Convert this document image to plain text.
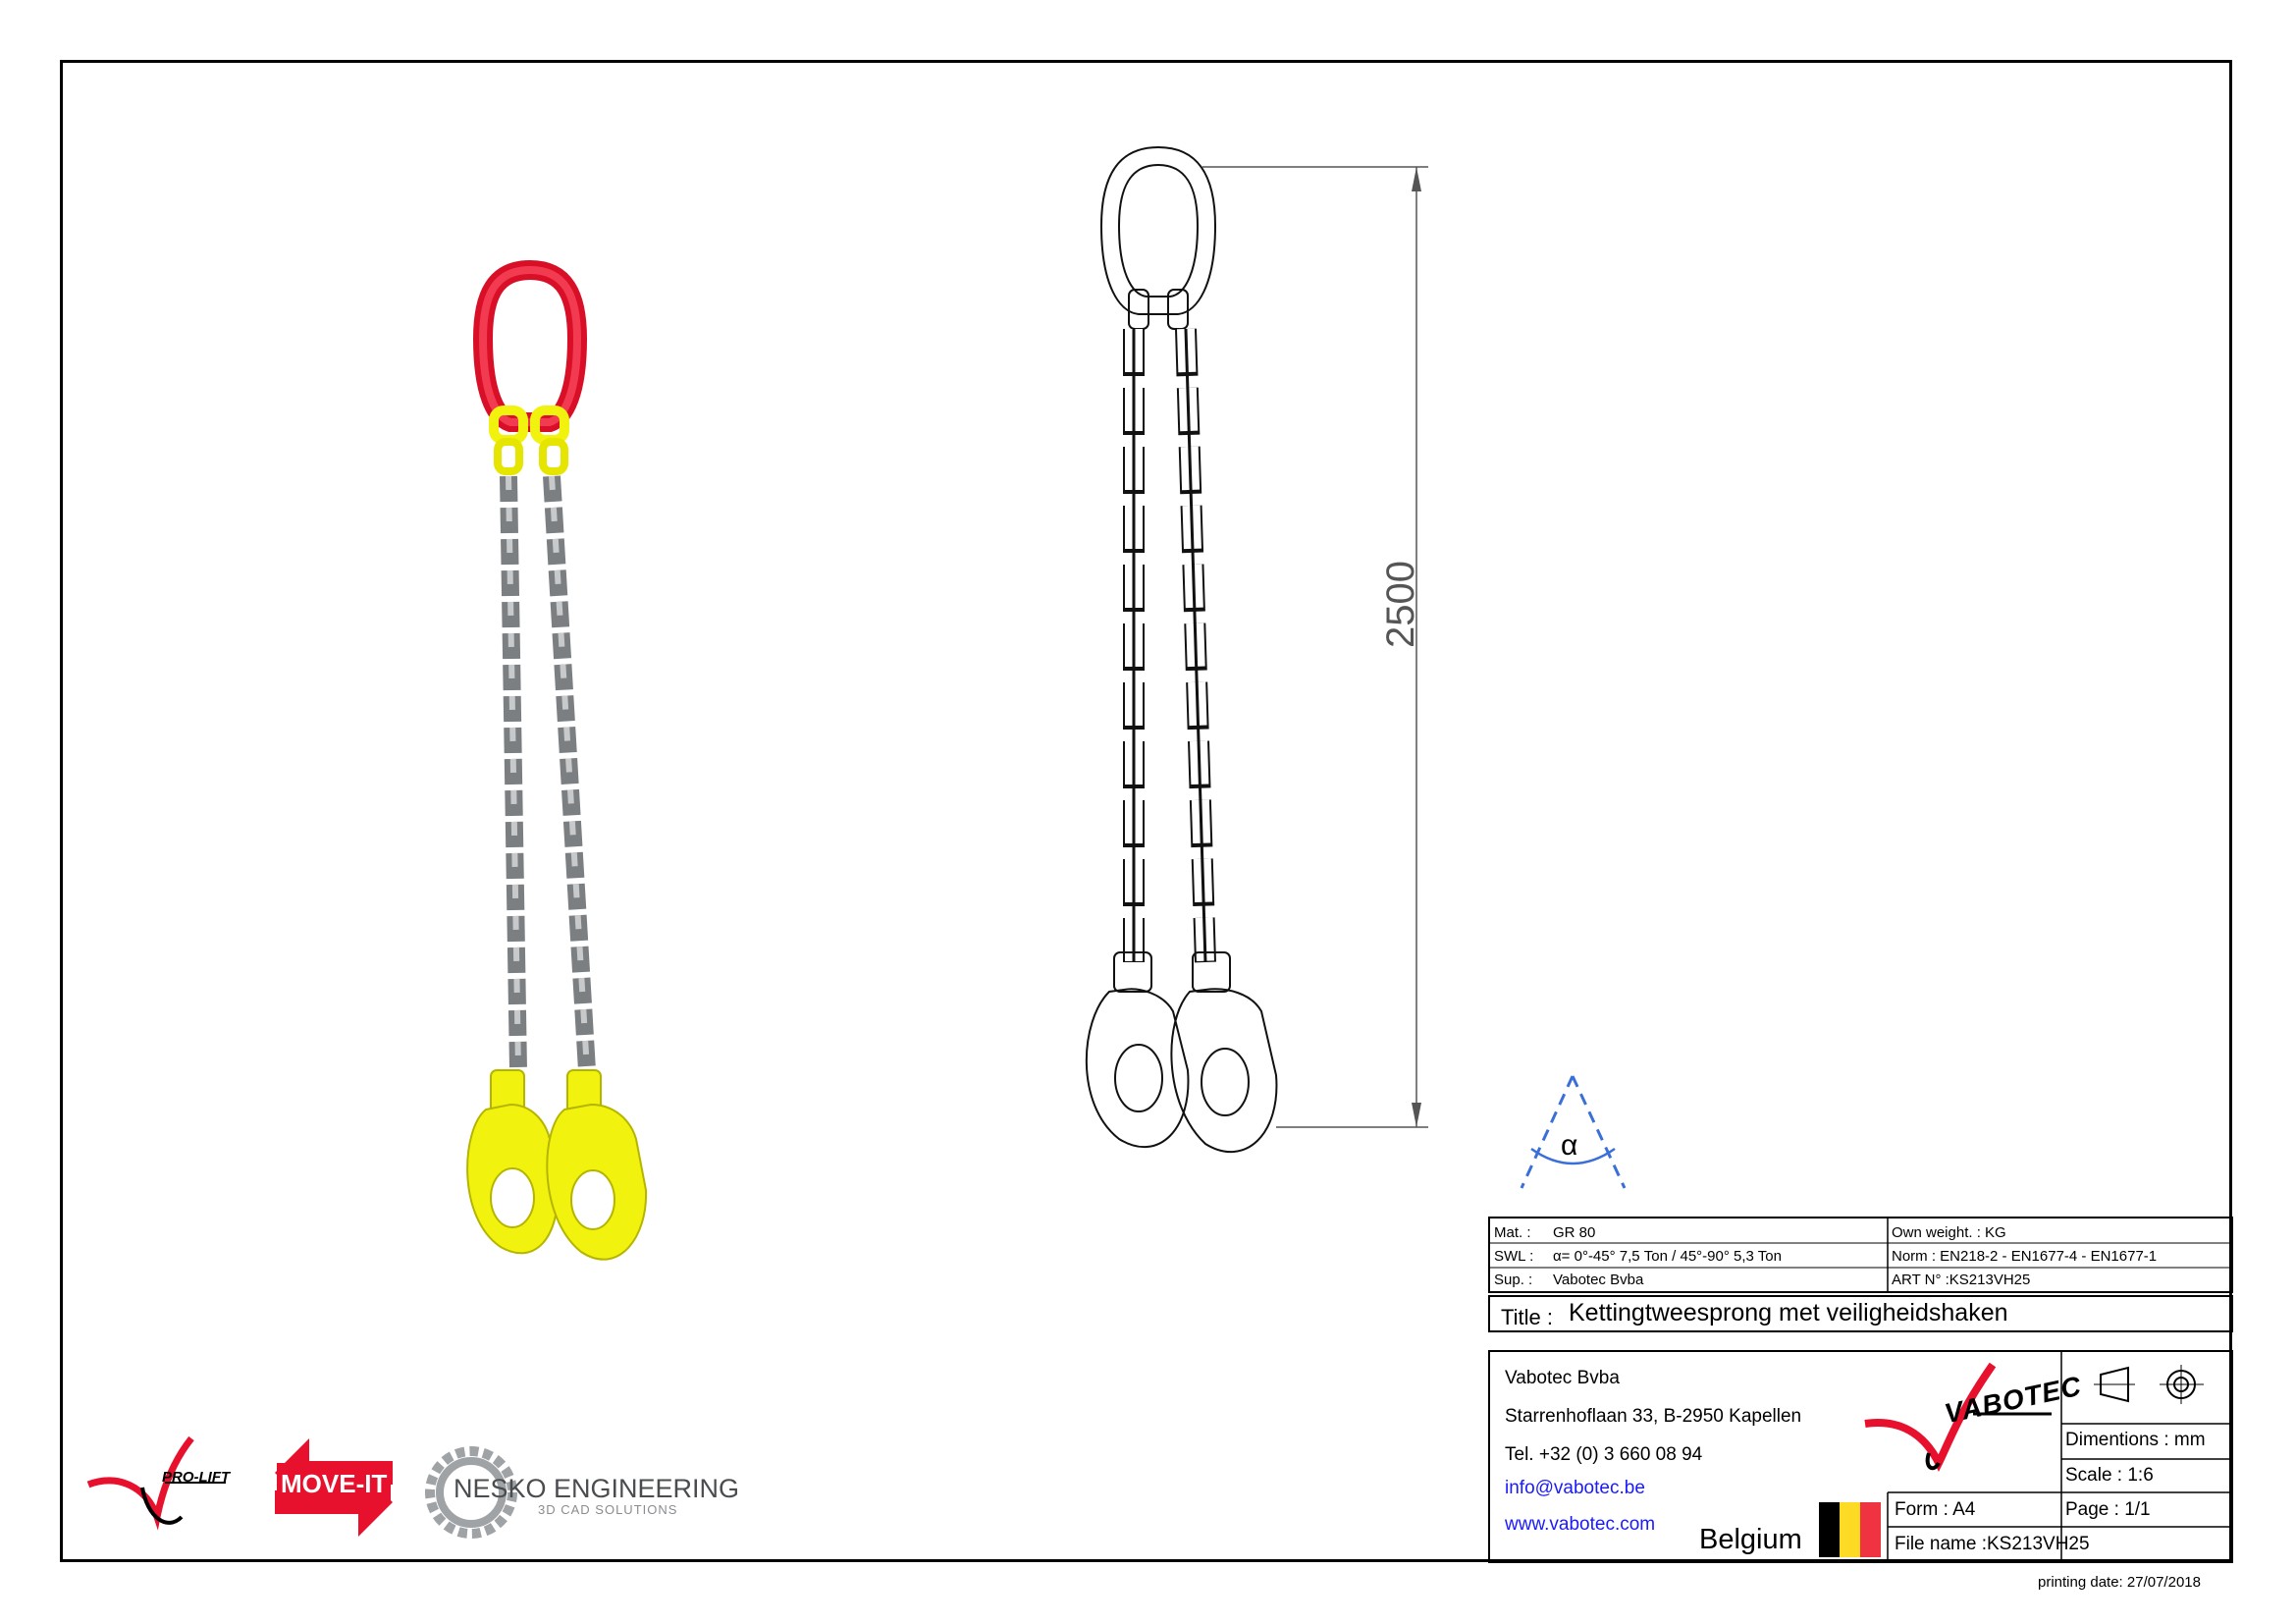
2500
α
Mat. : GR 80
SWL : α= 0°-45° 7,5 Ton / 45°-90° 5,3 Ton
Sup. : Vabotec Bvba
Own weight. : KG
Norm : EN218-2 - EN1677-4 - EN1677-1
ART N° :KS213VH25
Title : Kettingtweesprong met veiligheidshaken
Vabotec Bvba
Starrenhoflaan 33, B-2950 Kapellen
Tel. +32 (0) 3 660 08 94
info@vabotec.be
www.vabotec.com Belgium
VABOTEC
Dimentions : mm
Scale : 1:6
Page : 1/1
Form : A4
File name :KS213VH25
PRO-LIFT MOVE-IT	NESKO ENGINEERING
3D CAD SOLUTIONS
printing date: 27/07/2018
